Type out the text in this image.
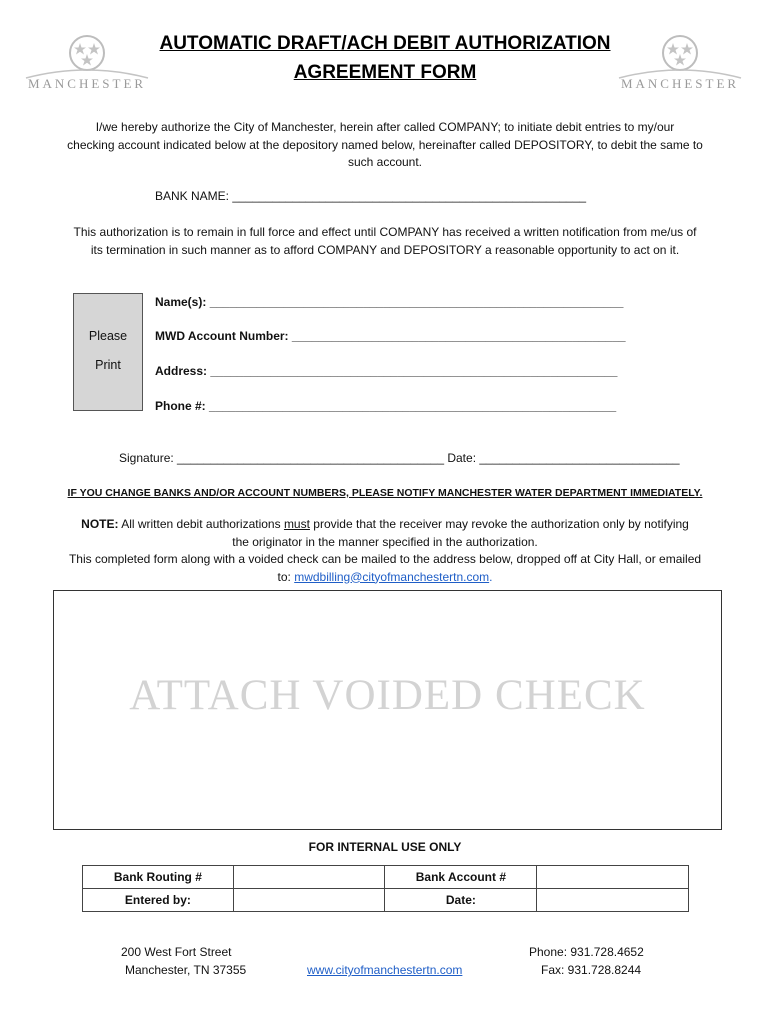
MANCHESTER	MANCHESTER
AUTOMATIC DRAFT/ACH DEBIT AUTHORIZATION
AGREEMENT FORM
I/we hereby authorize the City of Manchester, herein after called COMPANY; to initiate debit entries to my/our
checking account indicated below at the depository named below, hereinafter called DEPOSITORY, to debit the same to
such account.
BANK NAME: _____________________________________________________
This authorization is to remain in full force and effect until COMPANY has received a written notification from me/us of
its termination in such manner as to afford COMPANY and DEPOSITORY a reasonable opportunity to act on it.
Please
Print
Name(s): ______________________________________________________________
MWD Account Number: __________________________________________________
Address: _____________________________________________________________
Phone #: _____________________________________________________________
Signature: ________________________________________ Date: ______________________________
IF YOU CHANGE BANKS AND/OR ACCOUNT NUMBERS, PLEASE NOTIFY MANCHESTER WATER DEPARTMENT IMMEDIATELY.
NOTE: All written debit authorizations must provide that the receiver may revoke the authorization only by notifying
the originator in the manner specified in the authorization.
This completed form along with a voided check can be mailed to the address below, dropped off at City Hall, or emailed
to: mwdbilling@cityofmanchestertn.com.
ATTACH VOIDED CHECK
FOR INTERNAL USE ONLY
Bank Routing #		Bank Account #	
Entered by:		Date:	
200 West Fort Street
Manchester, TN 37355	www.cityofmanchestertn.com
Phone: 931.728.4652
Fax: 931.728.8244
